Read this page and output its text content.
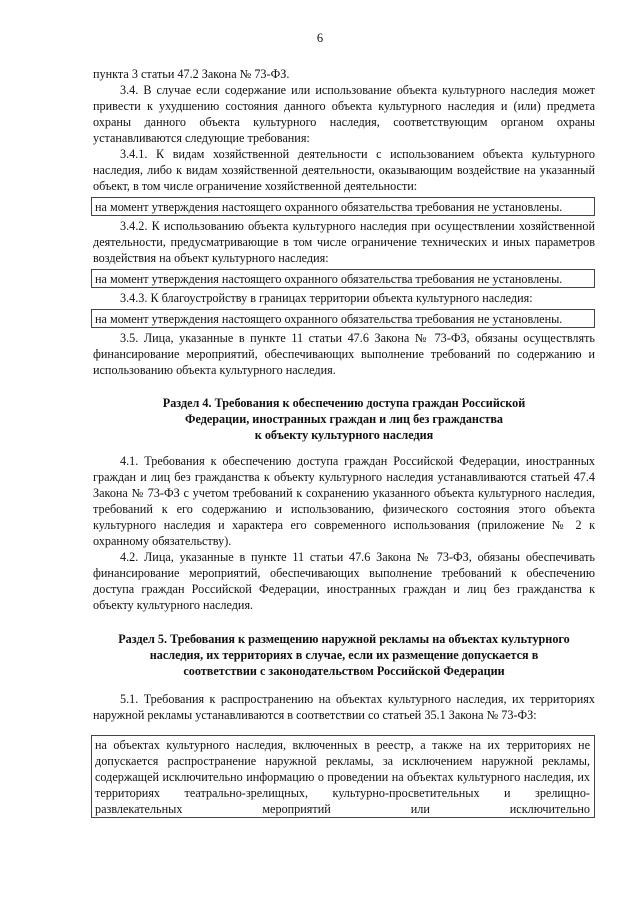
6

пункта 3 статьи 47.2 Закона № 73-ФЗ.

3.4. В случае если содержание или использование объекта культурного наследия может привести к ухудшению состояния данного объекта культурного наследия и (или) предмета охраны данного объекта культурного наследия, соответствующим органом охраны устанавливаются следующие требования:

3.4.1. К видам хозяйственной деятельности с использованием объекта культурного наследия, либо к видам хозяйственной деятельности, оказывающим воздействие на указанный объект, в том числе ограничение хозяйственной деятельности:

на момент утверждения настоящего охранного обязательства требования не установлены.

3.4.2. К использованию объекта культурного наследия при осуществлении хозяйственной деятельности, предусматривающие в том числе ограничение технических и иных параметров воздействия на объект культурного наследия:

на момент утверждения настоящего охранного обязательства требования не установлены.

3.4.3. К благоустройству в границах территории объекта культурного наследия:

на момент утверждения настоящего охранного обязательства требования не установлены.

3.5. Лица, указанные в пункте 11 статьи 47.6 Закона № 73-ФЗ, обязаны осуществлять финансирование мероприятий, обеспечивающих выполнение требований по содержанию и использованию объекта культурного наследия.

Раздел 4. Требования к обеспечению доступа граждан Российской
Федерации, иностранных граждан и лиц без гражданства
к объекту культурного наследия

4.1. Требования к обеспечению доступа граждан Российской Федерации, иностранных граждан и лиц без гражданства к объекту культурного наследия устанавливаются статьей 47.4 Закона № 73-ФЗ с учетом требований к сохранению указанного объекта культурного наследия, требований к его содержанию и использованию, физического состояния этого объекта культурного наследия и характера его современного использования (приложение № 2 к охранному обязательству).

4.2. Лица, указанные в пункте 11 статьи 47.6 Закона № 73-ФЗ, обязаны обеспечивать финансирование мероприятий, обеспечивающих выполнение требований к обеспечению доступа граждан Российской Федерации, иностранных граждан и лиц без гражданства к объекту культурного наследия.

Раздел 5. Требования к размещению наружной рекламы на объектах культурного
наследия, их территориях в случае, если их размещение допускается в
соответствии с законодательством Российской Федерации

5.1. Требования к распространению на объектах культурного наследия, их территориях наружной рекламы устанавливаются в соответствии со статьей 35.1 Закона № 73-ФЗ:

на объектах культурного наследия, включенных в реестр, а также на их территориях не допускается распространение наружной рекламы, за исключением наружной рекламы, содержащей исключительно информацию о проведении на объектах культурного наследия, их территориях театрально-зрелищных, культурно-просветительных и зрелищно-развлекательных мероприятий или исключительно
